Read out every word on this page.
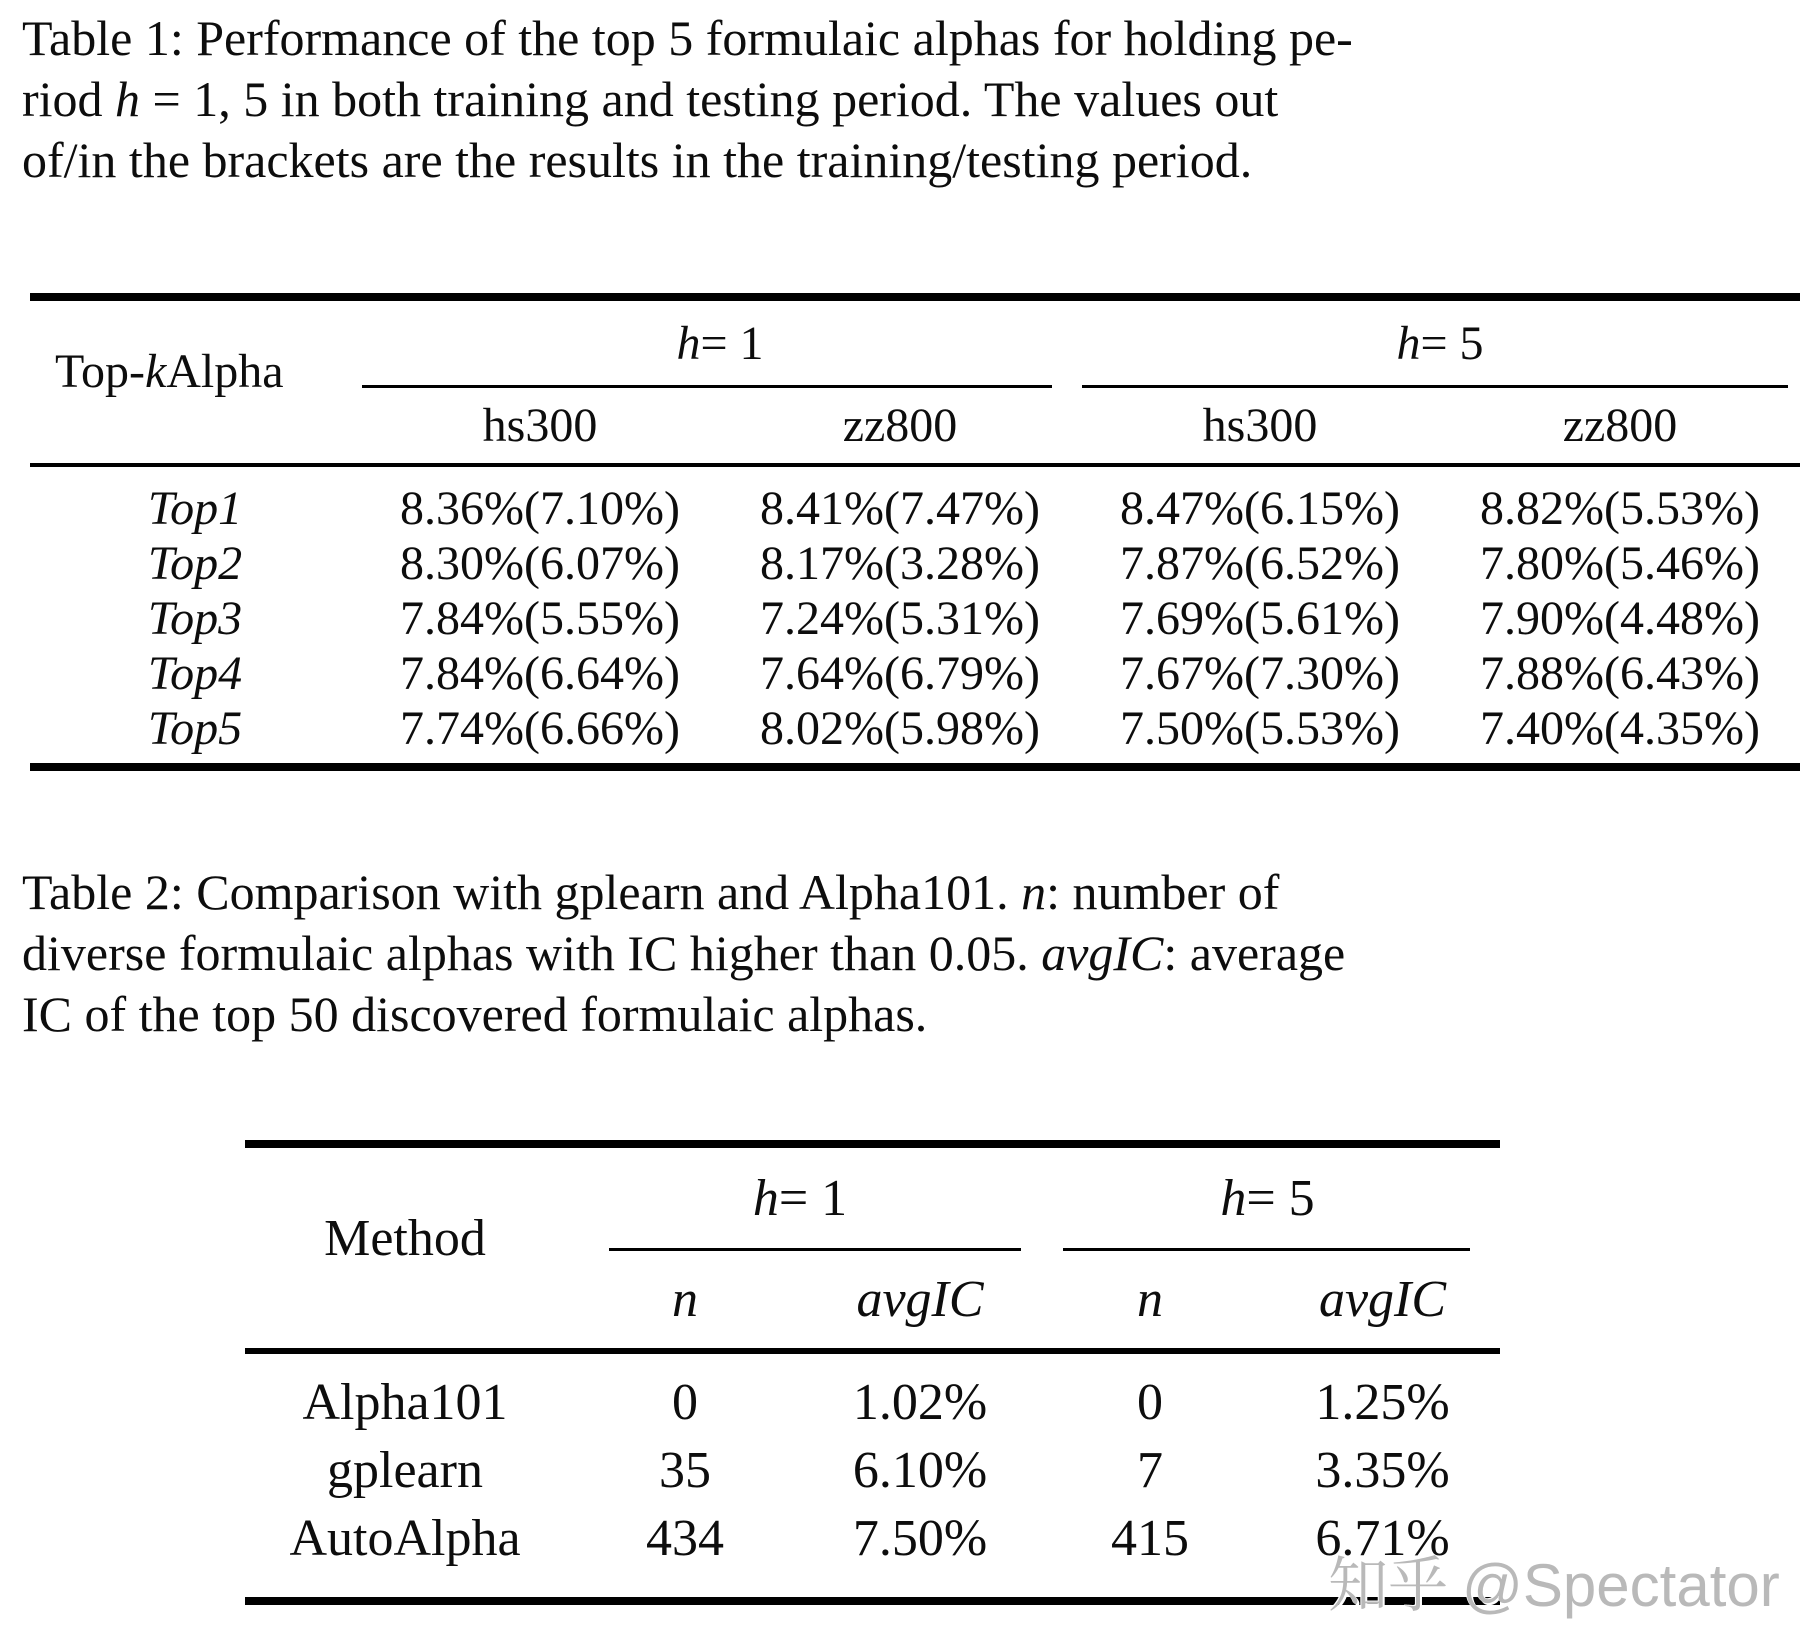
Table 1: Performance of the top 5 formulaic alphas for holding pe-
riod h = 1, 5 in both training and testing period. The values out
of/in the brackets are the results in the training/testing period.
Top- k Alpha
h = 1	h = 5
hs300	zz800	hs300	zz800
Top1	8.36%(7.10%)	8.41%(7.47%)	8.47%(6.15%)	8.82%(5.53%)
Top2	8.30%(6.07%)	8.17%(3.28%)	7.87%(6.52%)	7.80%(5.46%)
Top3	7.84%(5.55%)	7.24%(5.31%)	7.69%(5.61%)	7.90%(4.48%)
Top4	7.84%(6.64%)	7.64%(6.79%)	7.67%(7.30%)	7.88%(6.43%)
Top5	7.74%(6.66%)	8.02%(5.98%)	7.50%(5.53%)	7.40%(4.35%)
Table 2: Comparison with gplearn and Alpha101. n: number of
diverse formulaic alphas with IC higher than 0.05. avgIC: average
IC of the top 50 discovered formulaic alphas.
Method
h = 1	h = 5
n	avgIC	n	avgIC
Alpha101	0	1.02%	0	1.25%
gplearn	35	6.10%	7	3.35%
AutoAlpha	434	7.50%	415	6.71%
知乎 @Spectator
